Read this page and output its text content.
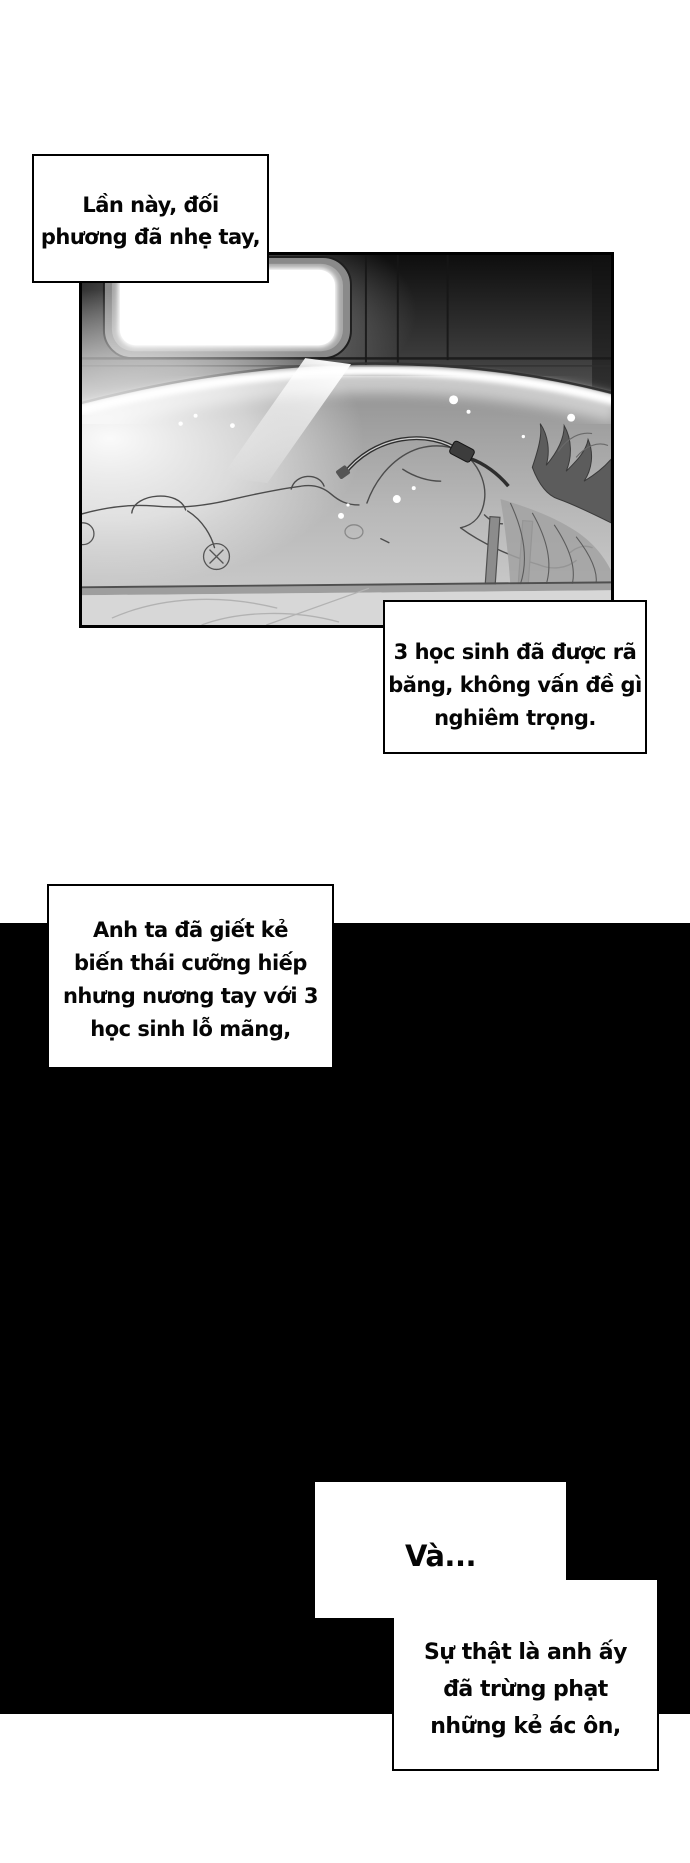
Lần này, đối
phương đã nhẹ tay,
3 học sinh đã được rã
băng, không vấn đề gì
nghiêm trọng.
Anh ta đã giết kẻ
biến thái cưỡng hiếp
nhưng nương tay với 3
học sinh lỗ mãng,
Và...
Sự thật là anh ấy
đã trừng phạt
những kẻ ác ôn,
